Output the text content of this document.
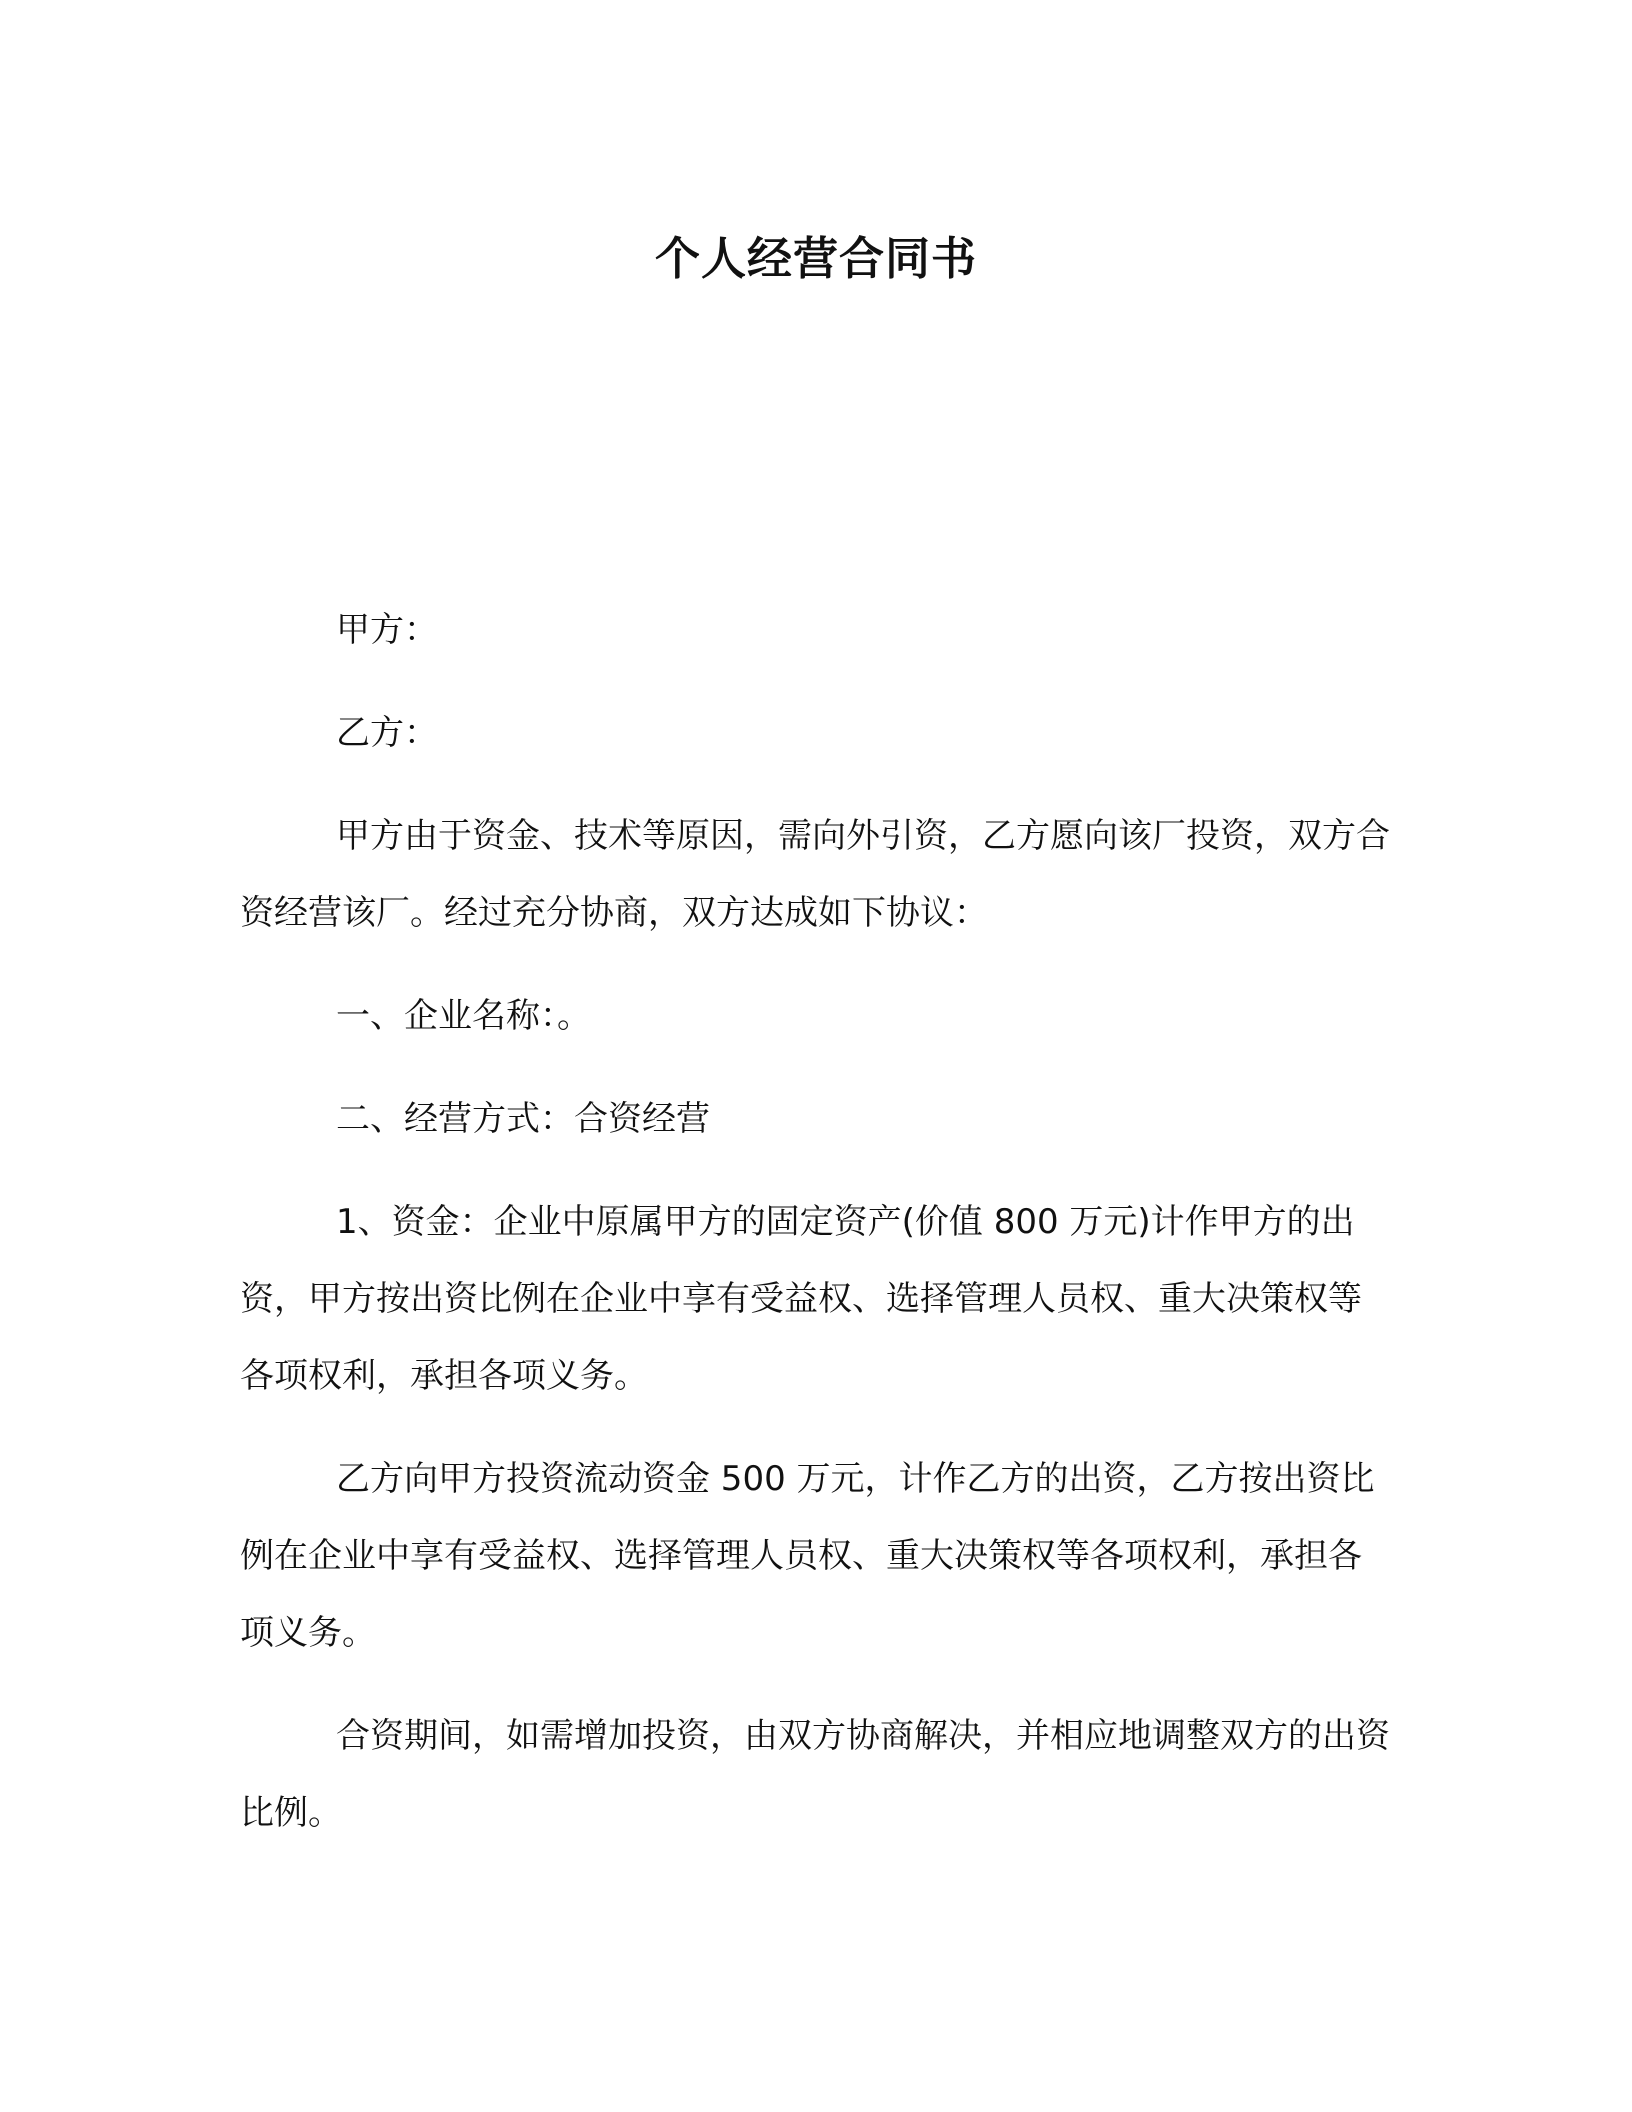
个人经营合同书

甲方：

乙方：

甲方由于资金、技术等原因，需向外引资，乙方愿向该厂投资，双方合资经营该厂。经过充分协商，双方达成如下协议：

一、企业名称：。

二、经营方式：合资经营

1、资金：企业中原属甲方的固定资产(价值 800 万元)计作甲方的出资，甲方按出资比例在企业中享有受益权、选择管理人员权、重大决策权等各项权利，承担各项义务。

乙方向甲方投资流动资金 500 万元，计作乙方的出资，乙方按出资比例在企业中享有受益权、选择管理人员权、重大决策权等各项权利，承担各项义务。

合资期间，如需增加投资，由双方协商解决，并相应地调整双方的出资比例。
